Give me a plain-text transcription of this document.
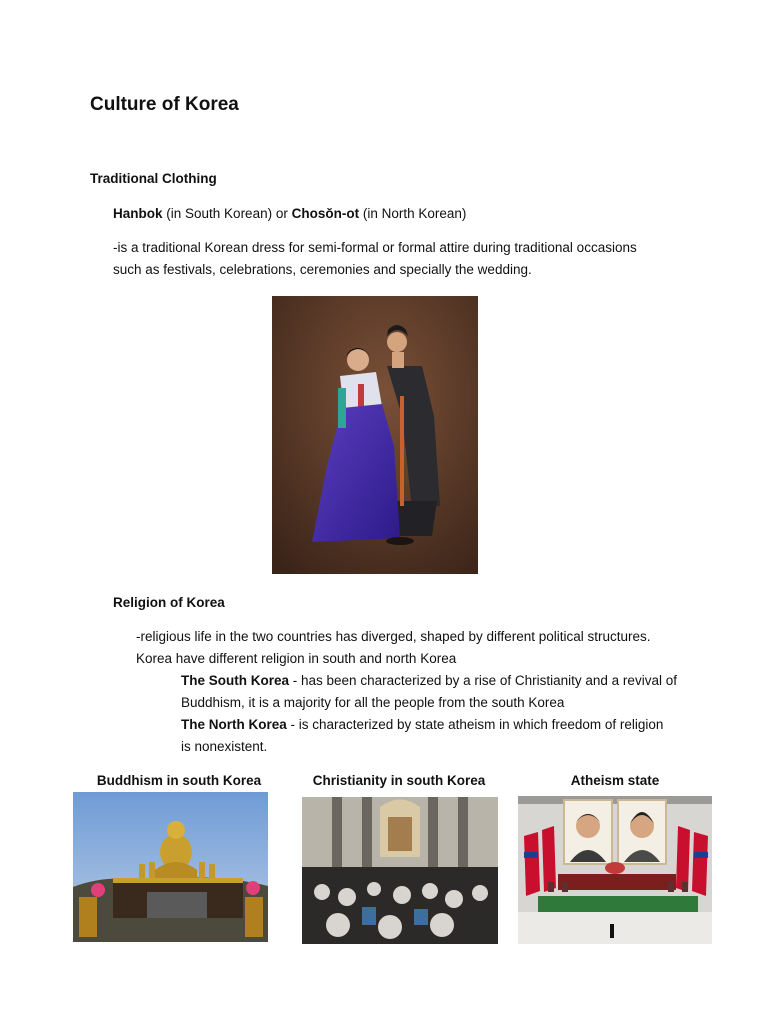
Culture of Korea
Traditional Clothing
Hanbok (in South Korean) or Chosŏn-ot (in North Korean)
-is a traditional Korean dress for semi-formal or formal attire during traditional occasions
such as festivals, celebrations, ceremonies and specially the wedding.
Religion of Korea
-religious life in the two countries has diverged, shaped by different political structures.
Korea have different religion in south and north Korea
The South Korea - has been characterized by a rise of Christianity and a revival of
Buddhism, it is a majority for all the people from the south Korea
The North Korea - is characterized by state atheism in which freedom of religion
is nonexistent.
Buddhism in south Korea	Christianity in south Korea	Atheism state
